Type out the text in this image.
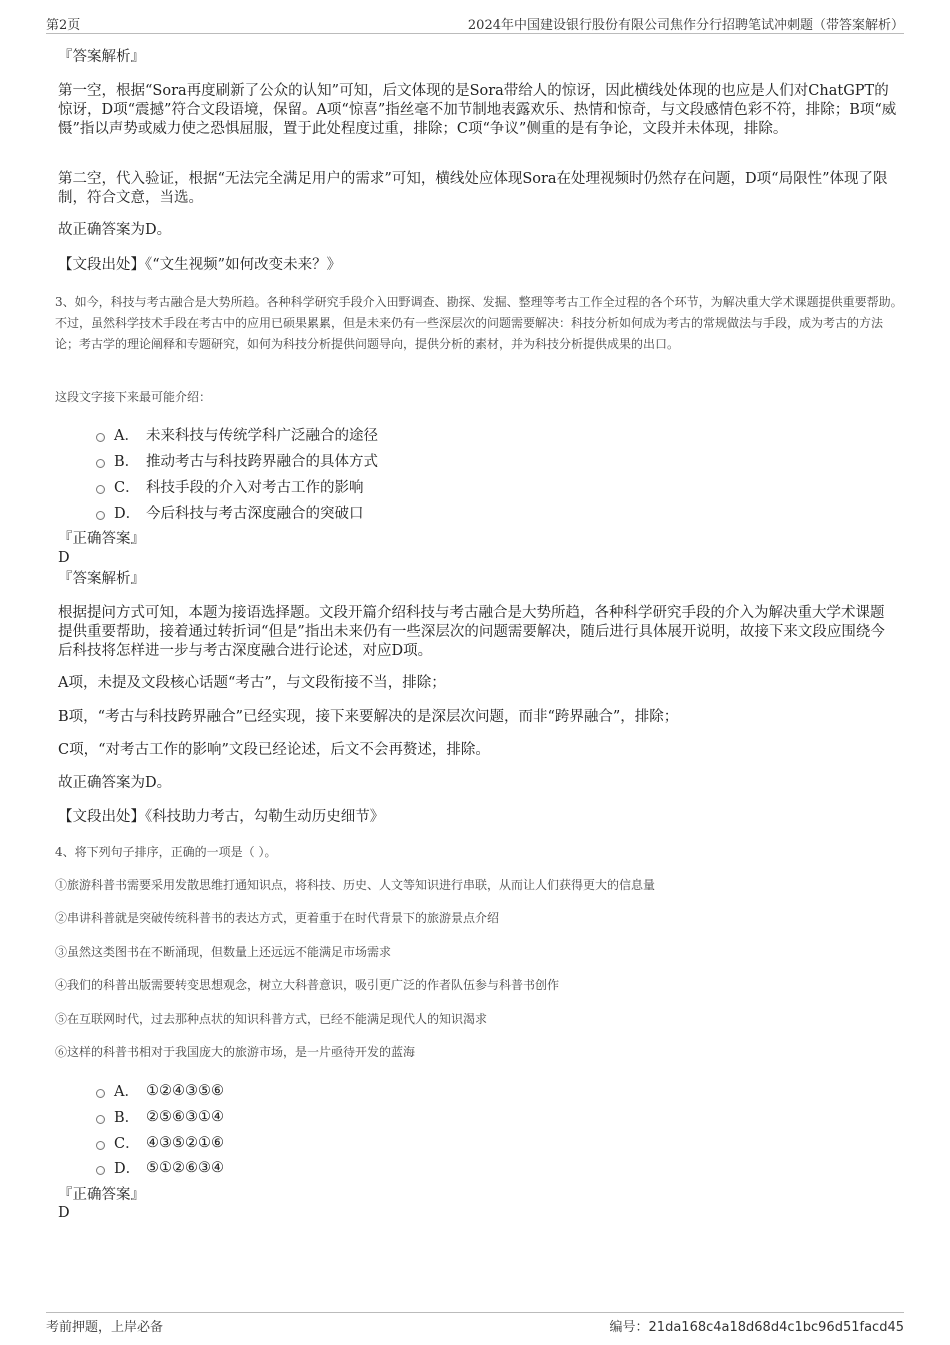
第2页	2024年中国建设银行股份有限公司焦作分行招聘笔试冲刺题（带答案解析）
『答案解析』
第一空，根据“Sora再度刷新了公众的认知”可知，后文体现的是Sora带给人的惊讶，因此横线处体现的也应是人们对ChatGPT的惊讶，D项“震撼”符合文段语境，保留。A项“惊喜”指丝毫不加节制地表露欢乐、热情和惊奇，与文段感情色彩不符，排除；B项“威慑”指以声势或威力使之恐惧屈服，置于此处程度过重，排除；C项“争议”侧重的是有争论，文段并未体现，排除。
第二空，代入验证，根据“无法完全满足用户的需求”可知，横线处应体现Sora在处理视频时仍然存在问题，D项“局限性”体现了限制，符合文意，当选。
故正确答案为D。
【文段出处】《“文生视频”如何改变未来？》
3、如今，科技与考古融合是大势所趋。各种科学研究手段介入田野调查、勘探、发掘、整理等考古工作全过程的各个环节，为解决重大学术课题提供重要帮助。不过，虽然科学技术手段在考古中的应用已硕果累累，但是未来仍有一些深层次的问题需要解决：科技分析如何成为考古的常规做法与手段，成为考古的方法论；考古学的理论阐释和专题研究，如何为科技分析提供问题导向，提供分析的素材，并为科技分析提供成果的出口。
这段文字接下来最可能介绍：
A． 未来科技与传统学科广泛融合的途径
B． 推动考古与科技跨界融合的具体方式
C． 科技手段的介入对考古工作的影响
D． 今后科技与考古深度融合的突破口
『正确答案』
D
『答案解析』
根据提问方式可知，本题为接语选择题。文段开篇介绍科技与考古融合是大势所趋，各种科学研究手段的介入为解决重大学术课题提供重要帮助，接着通过转折词“但是”指出未来仍有一些深层次的问题需要解决，随后进行具体展开说明，故接下来文段应围绕今后科技将怎样进一步与考古深度融合进行论述，对应D项。
A项，未提及文段核心话题“考古”，与文段衔接不当，排除；
B项，“考古与科技跨界融合”已经实现，接下来要解决的是深层次问题，而非“跨界融合”，排除；
C项，“对考古工作的影响”文段已经论述，后文不会再赘述，排除。
故正确答案为D。
【文段出处】《科技助力考古，勾勒生动历史细节》
4、将下列句子排序，正确的一项是（ ）。
①旅游科普书需要采用发散思维打通知识点，将科技、历史、人文等知识进行串联，从而让人们获得更大的信息量
②串讲科普就是突破传统科普书的表达方式，更着重于在时代背景下的旅游景点介绍
③虽然这类图书在不断涌现，但数量上还远远不能满足市场需求
④我们的科普出版需要转变思想观念，树立大科普意识，吸引更广泛的作者队伍参与科普书创作
⑤在互联网时代，过去那种点状的知识科普方式，已经不能满足现代人的知识渴求
⑥这样的科普书相对于我国庞大的旅游市场，是一片亟待开发的蓝海
A． ①②④③⑤⑥
B． ②⑤⑥③①④
C． ④③⑤②①⑥
D． ⑤①②⑥③④
『正确答案』
D
考前押题，上岸必备	编号：21da168c4a18d68d4c1bc96d51facd45
